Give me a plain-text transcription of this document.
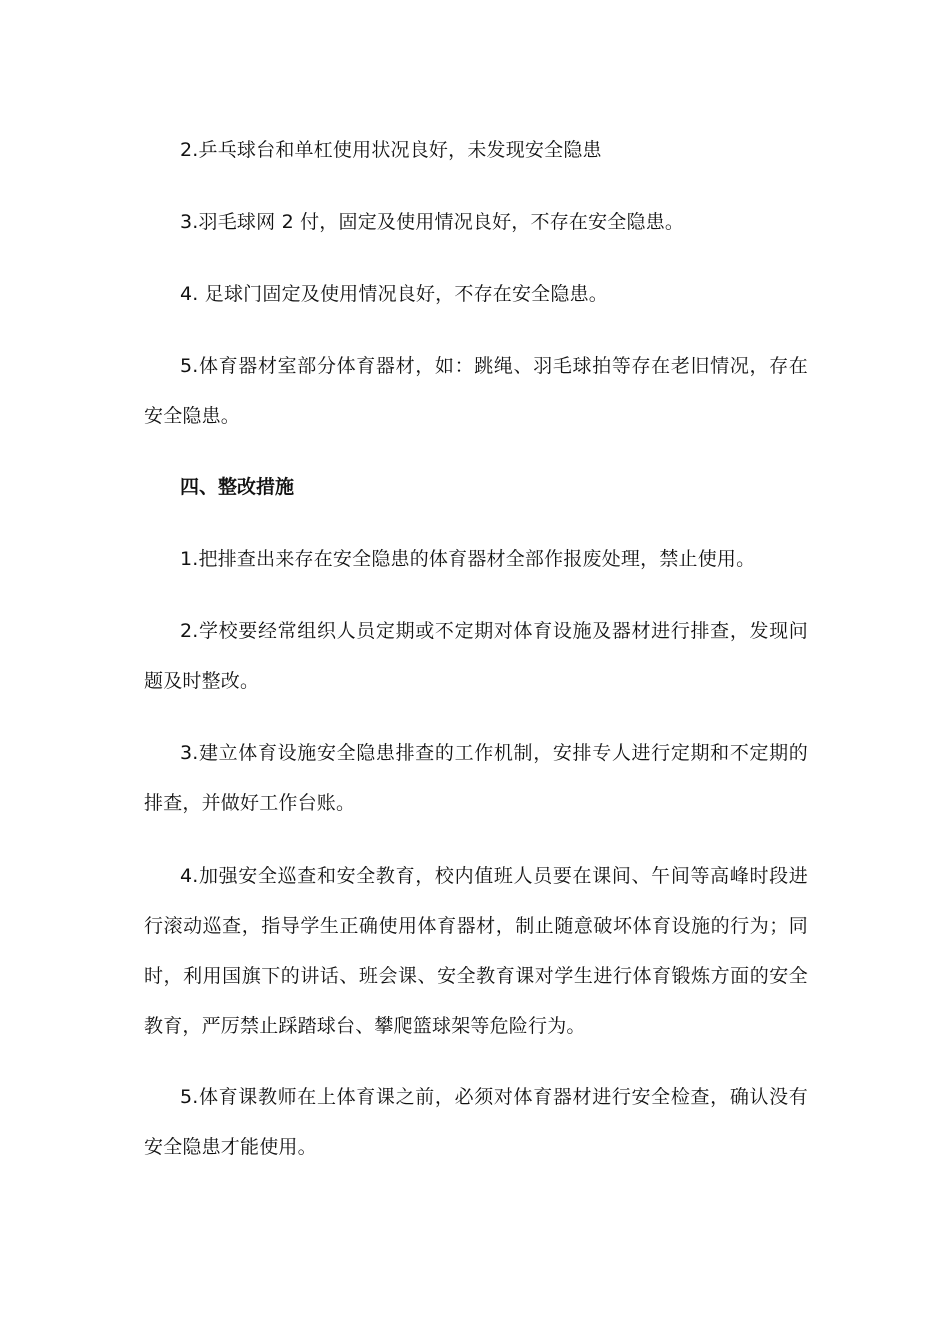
2.乒乓球台和单杠使用状况良好，未发现安全隐患

3.羽毛球网 2 付，固定及使用情况良好，不存在安全隐患。

4. 足球门固定及使用情况良好，不存在安全隐患。

5.体育器材室部分体育器材，如：跳绳、羽毛球拍等存在老旧情况，存在安全隐患。

四、整改措施

1.把排查出来存在安全隐患的体育器材全部作报废处理，禁止使用。

2.学校要经常组织人员定期或不定期对体育设施及器材进行排查，发现问题及时整改。

3.建立体育设施安全隐患排查的工作机制，安排专人进行定期和不定期的排查，并做好工作台账。

4.加强安全巡查和安全教育，校内值班人员要在课间、午间等高峰时段进行滚动巡查，指导学生正确使用体育器材，制止随意破坏体育设施的行为；同时，利用国旗下的讲话、班会课、安全教育课对学生进行体育锻炼方面的安全教育，严厉禁止踩踏球台、攀爬篮球架等危险行为。

5.体育课教师在上体育课之前，必须对体育器材进行安全检查，确认没有安全隐患才能使用。
